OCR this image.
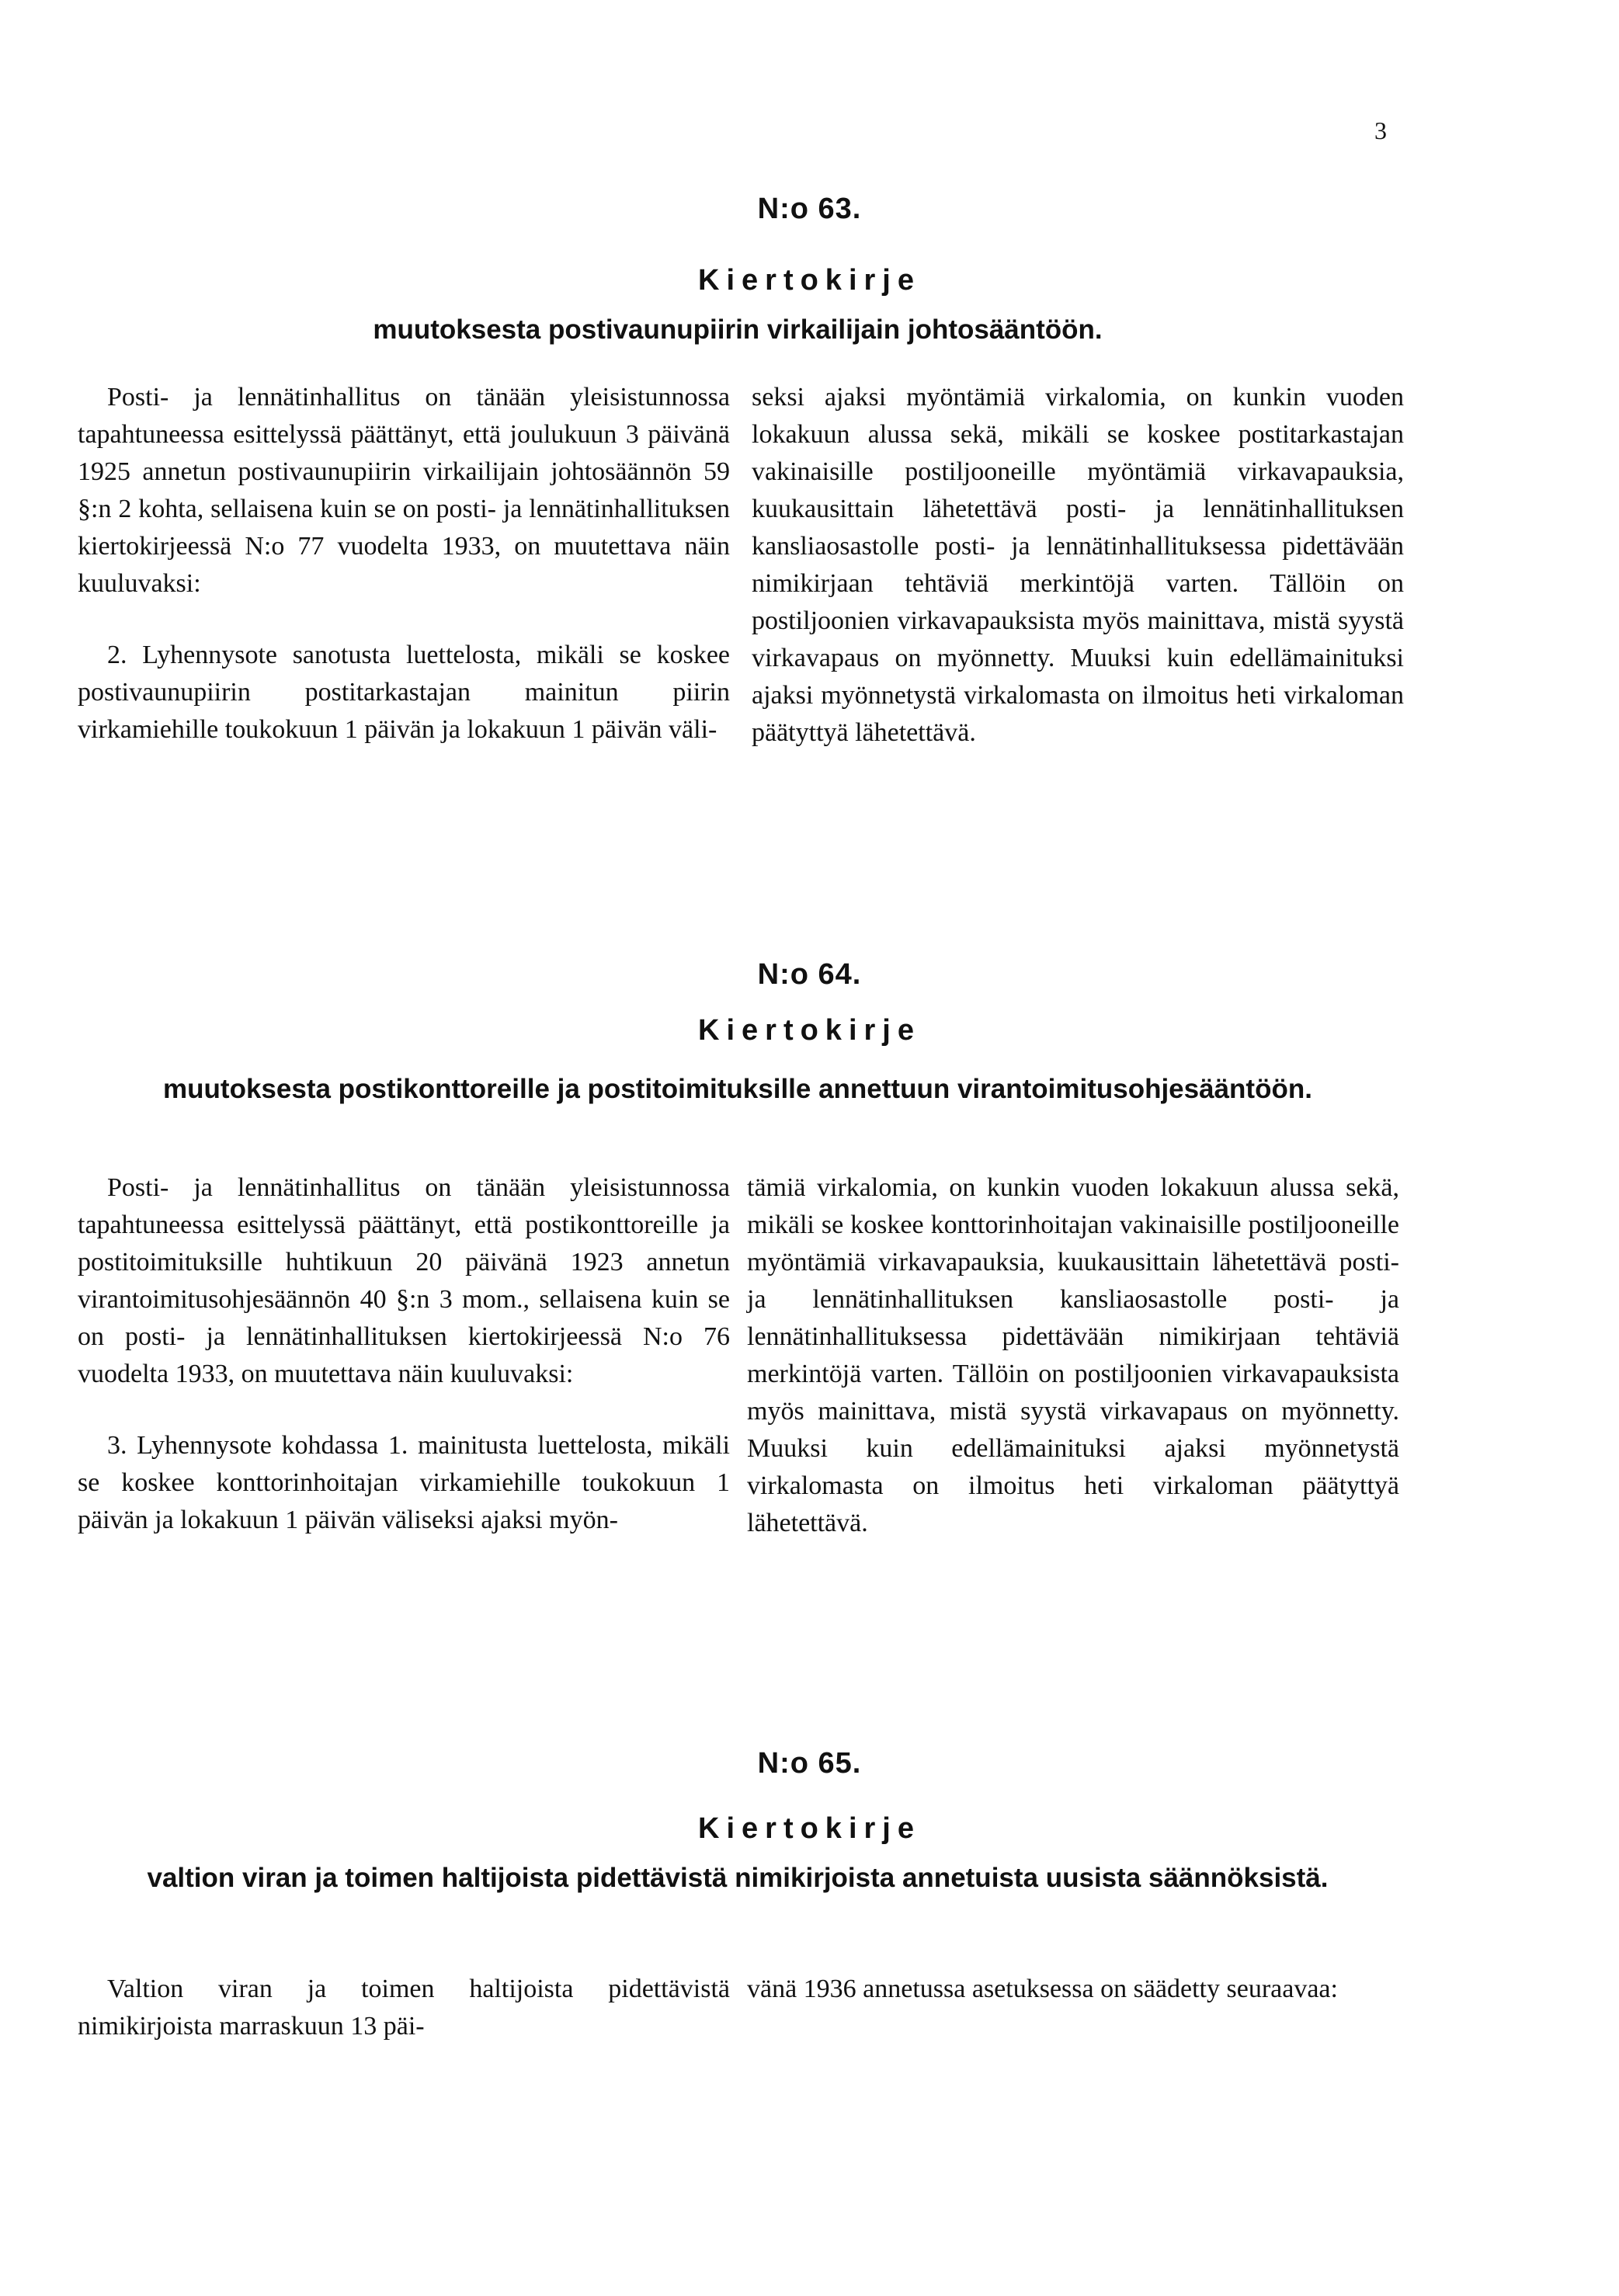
3
N:o 63.
Kiertokirje
muutoksesta postivaunupiirin virkailijain johtosääntöön.

Posti- ja lennätinhallitus on tänään yleisistunnossa tapahtuneessa esittelyssä päättänyt, että joulukuun 3 päivänä 1925 annetun postivaunupiirin virkailijain johtosäännön 59 §:n 2 kohta, sellaisena kuin se on posti- ja lennätinhallituksen kiertokirjeessä N:o 77 vuodelta 1933, on muutettava näin kuuluvaksi:

2. Lyhennysote sanotusta luettelosta, mikäli se koskee postivaunupiirin postitarkastajan mainitun piirin virkamiehille toukokuun 1 päivän ja lokakuun 1 päivän väli-

seksi ajaksi myöntämiä virkalomia, on kunkin vuoden lokakuun alussa sekä, mikäli se koskee postitarkastajan vakinaisille postiljooneille myöntämiä virkavapauksia, kuukausittain lähetettävä posti- ja lennätinhallituksen kansliaosastolle posti- ja lennätinhallituksessa pidettävään nimikirjaan tehtäviä merkintöjä varten. Tällöin on postiljoonien virkavapauksista myös mainittava, mistä syystä virkavapaus on myönnetty. Muuksi kuin edellämainituksi ajaksi myönnetystä virkalomasta on ilmoitus heti virkaloman päätyttyä lähetettävä.

N:o 64.
Kiertokirje
muutoksesta postikonttoreille ja postitoimituksille annettuun virantoimitusohjesääntöön.

Posti- ja lennätinhallitus on tänään yleisistunnossa tapahtuneessa esittelyssä päättänyt, että postikonttoreille ja postitoimituksille huhtikuun 20 päivänä 1923 annetun virantoimitusohjesäännön 40 §:n 3 mom., sellaisena kuin se on posti- ja lennätinhallituksen kiertokirjeessä N:o 76 vuodelta 1933, on muutettava näin kuuluvaksi:

3. Lyhennysote kohdassa 1. mainitusta luettelosta, mikäli se koskee konttorinhoitajan virkamiehille toukokuun 1 päivän ja lokakuun 1 päivän väliseksi ajaksi myön-

tämiä virkalomia, on kunkin vuoden lokakuun alussa sekä, mikäli se koskee konttorinhoitajan vakinaisille postiljooneille myöntämiä virkavapauksia, kuukausittain lähetettävä posti- ja lennätinhallituksen kansliaosastolle posti- ja lennätinhallituksessa pidettävään nimikirjaan tehtäviä merkintöjä varten. Tällöin on postiljoonien virkavapauksista myös mainittava, mistä syystä virkavapaus on myönnetty. Muuksi kuin edellämainituksi ajaksi myönnetystä virkalomasta on ilmoitus heti virkaloman päätyttyä lähetettävä.

N:o 65.
Kiertokirje
valtion viran ja toimen haltijoista pidettävistä nimikirjoista annetuista uusista säännöksistä.

Valtion viran ja toimen haltijoista pidettävistä nimikirjoista marraskuun 13 päi-

vänä 1936 annetussa asetuksessa on säädetty seuraavaa:
